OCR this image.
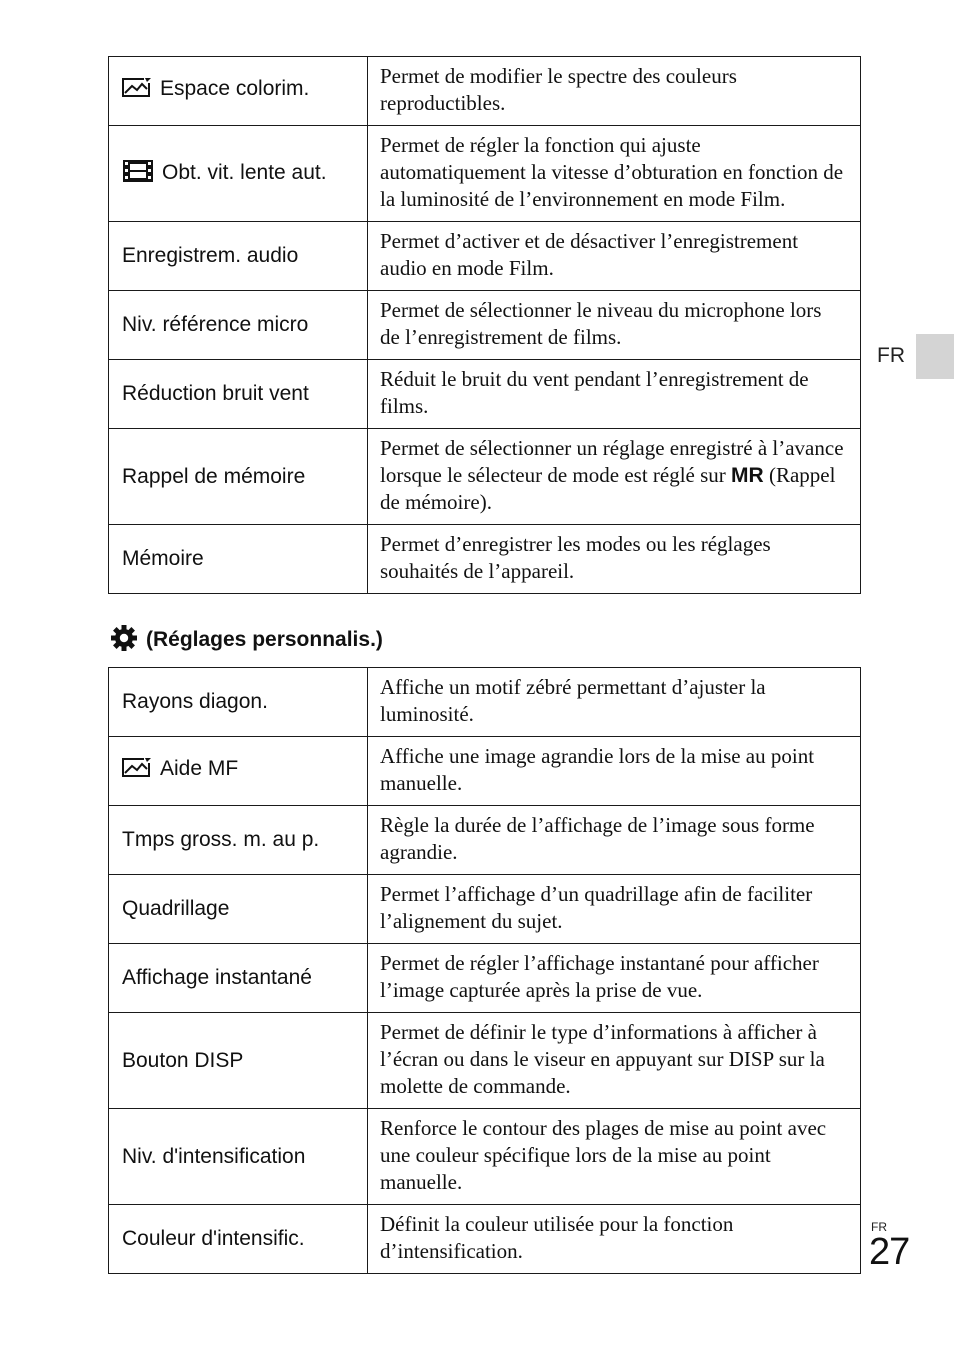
Espace colorim.	Permet de modifier le spectre des couleurs reproductibles.
Obt. vit. lente aut.	Permet de régler la fonction qui ajuste automatiquement la vitesse d’obturation en fonction de la luminosité de l’environnement en mode Film.
Enregistrem. audio	Permet d’activer et de désactiver l’enregistrement audio en mode Film.
Niv. référence micro	Permet de sélectionner le niveau du microphone lors de l’enregistrement de films.
Réduction bruit vent	Réduit le bruit du vent pendant l’enregistrement de films.
Rappel de mémoire	Permet de sélectionner un réglage enregistré à l’avance lorsque le sélecteur de mode est réglé sur MR (Rappel de mémoire).
Mémoire	Permet d’enregistrer les modes ou les réglages souhaités de l’appareil.
(Réglages personnalis.)
Rayons diagon.	Affiche un motif zébré permettant d’ajuster la luminosité.
Aide MF	Affiche une image agrandie lors de la mise au point manuelle.
Tmps gross. m. au p.	Règle la durée de l’affichage de l’image sous forme agrandie.
Quadrillage	Permet l’affichage d’un quadrillage afin de faciliter l’alignement du sujet.
Affichage instantané	Permet de régler l’affichage instantané pour afficher l’image capturée après la prise de vue.
Bouton DISP	Permet de définir le type d’informations à afficher à l’écran ou dans le viseur en appuyant sur DISP sur la molette de commande.
Niv. d'intensification	Renforce le contour des plages de mise au point avec une couleur spécifique lors de la mise au point manuelle.
Couleur d'intensific.	Définit la couleur utilisée pour la fonction d’intensification.
FR
FR
27
